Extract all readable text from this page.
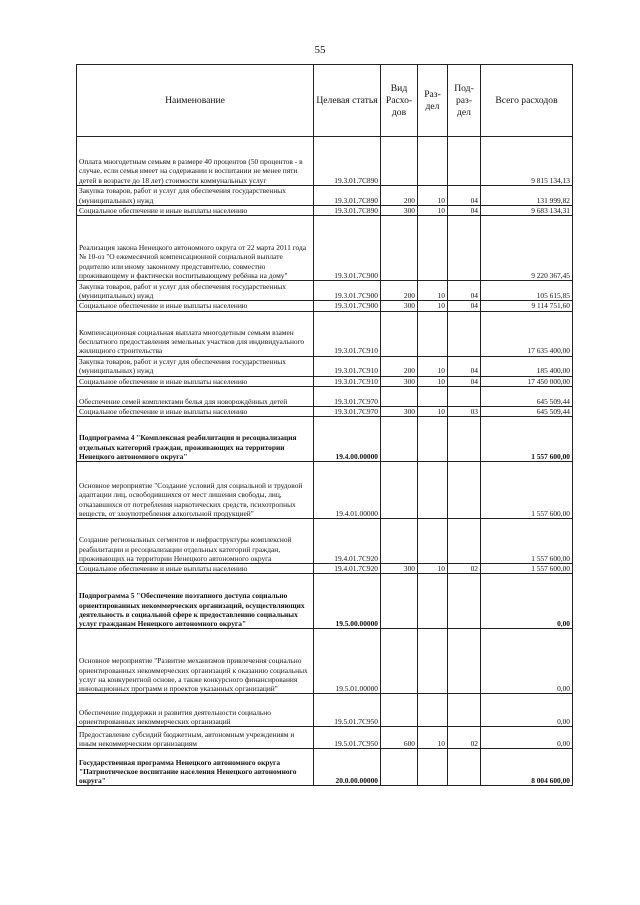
55
Наименование	Целевая статья	Вид Расхо-дов	Раз-дел	Под-раз-дел	Всего расходов
Оплата многодетным семьям в размере 40 процентов (50 процентов - в случае, если семья имеет на содержании и воспитании не менее пяти детей в возрасте до 18 лет) стоимости коммунальных услуг	19.3.01.7С890				9 815 134,13
Закупка товаров, работ и услуг для обеспечения государственных (муниципальных) нужд	19.3.01.7С890	200	10	04	131 999,82
Социальное обеспечение и иные выплаты населению	19.3.01.7С890	300	10	04	9 683 134,31
Реализация закона Ненецкого автономного округа от 22 марта 2011 года № 10-оз "О ежемесячной компенсационной социальной выплате родителю или иному законному представителю, совместно проживающему и фактически воспитывающему ребёнка на дому"	19.3.01.7С900				9 220 367,45
Закупка товаров, работ и услуг для обеспечения государственных (муниципальных) нужд	19.3.01.7С900	200	10	04	105 615,85
Социальное обеспечение и иные выплаты населению	19.3.01.7С900	300	10	04	9 114 751,60
Компенсационная социальная выплата многодетным семьям взамен бесплатного предоставления земельных участков для индивидуального жилищного строительства	19.3.01.7С910				17 635 400,00
Закупка товаров, работ и услуг для обеспечения государственных (муниципальных) нужд	19.3.01.7С910	200	10	04	185 400,00
Социальное обеспечение и иные выплаты населению	19.3.01.7С910	300	10	04	17 450 000,00
Обеспечение семей комплектами белья для новорождённых детей	19.3.01.7С970				645 509,44
Социальное обеспечение и иные выплаты населению	19.3.01.7С970	300	10	03	645 509,44
Подпрограмма 4 "Комплексная реабилитация и ресоциализация отдельных категорий граждан, проживающих на территории Ненецкого автономного округа"	19.4.00.00000				1 557 600,00
Основное мероприятие "Создание условий для социальной и трудовой адаптации лиц, освободившихся от мест лишения свободы, лиц, отказавшихся от потребления наркотических средств, психотропных веществ, от злоупотребления алкогольной продукцией"	19.4.01.00000				1 557 600,00
Создание региональных сегментов и инфраструктуры комплексной реабилитации и ресоциализации отдельных категорий граждан, проживающих на территории Ненецкого автономного округа	19.4.01.7С920				1 557 600,00
Социальное обеспечение и иные выплаты населению	19.4.01.7С920	300	10	02	1 557 600,00
Подпрограмма 5 "Обеспечение поэтапного доступа социально ориентированных некоммерческих организаций, осуществляющих деятельность в социальной сфере к предоставлению социальных услуг гражданам Ненецкого автономного округа"	19.5.00.00000				0,00
Основное мероприятие "Развитие механизмов привлечения социально ориентированных некоммерческих организаций к оказанию социальных услуг на конкурентной основе, а также конкурсного финансирования инновационных программ и проектов указанных организаций"	19.5.01.00000				0,00
Обеспечение поддержки и развития деятельности социально ориентированных некоммерческих организаций	19.5.01.7С950				0,00
Предоставление субсидий бюджетным, автономным учреждениям и иным некоммерческим организациям	19.5.01.7С950	600	10	02	0,00
Государственная программа Ненецкого автономного округа "Патриотическое воспитание населения Ненецкого автономного округа"	20.0.00.00000				8 004 600,00
